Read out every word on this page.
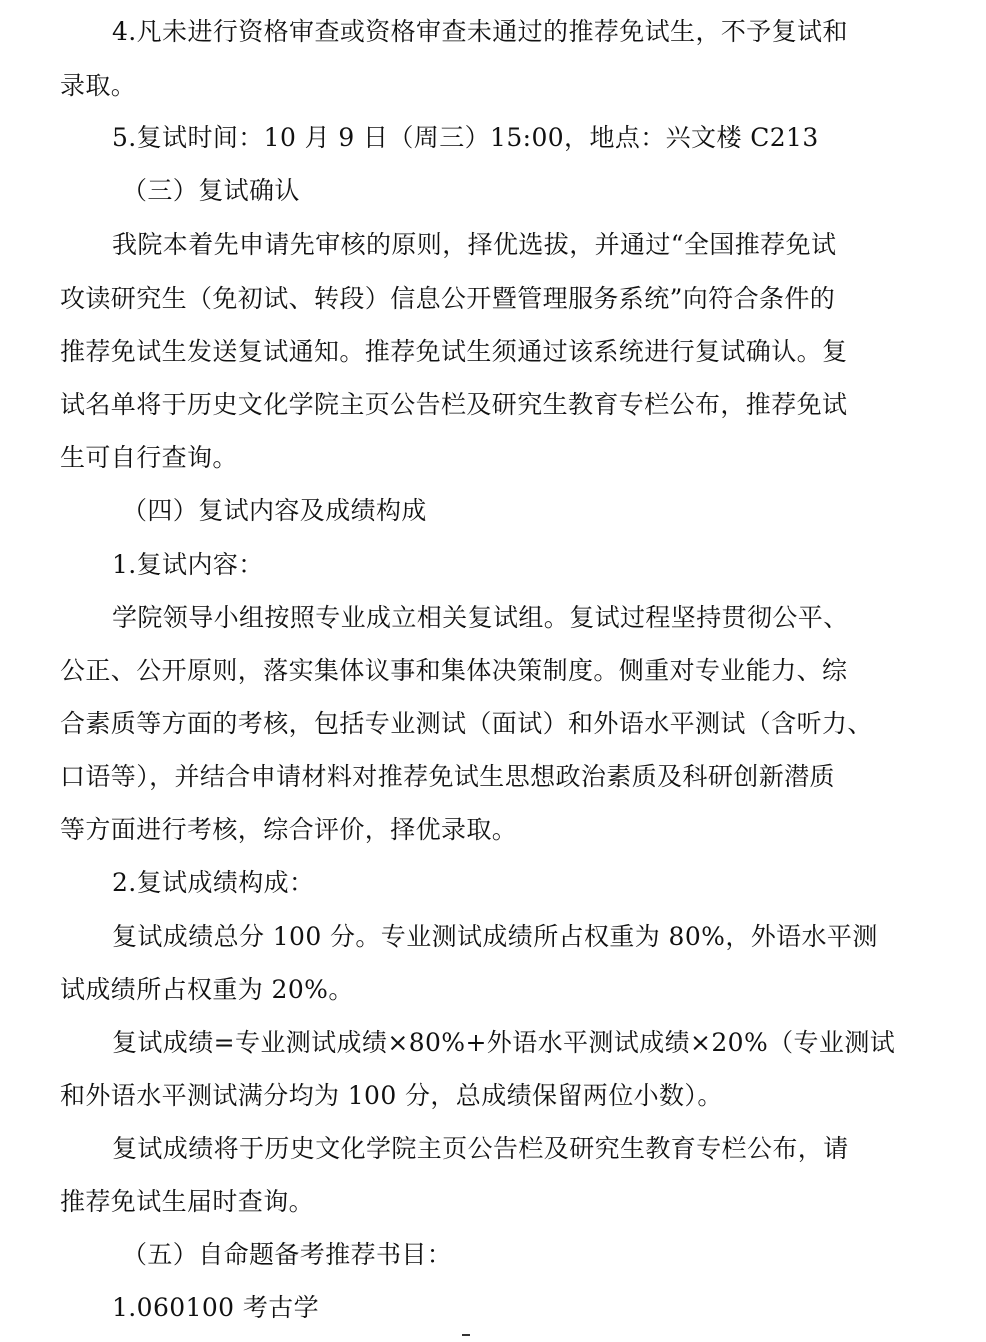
4.凡未进行资格审查或资格审查未通过的推荐免试生，不予复试和
录取。
5.复试时间：10 月 9 日（周三）15:00，地点：兴文楼 C213
（三）复试确认
我院本着先申请先审核的原则，择优选拔，并通过“全国推荐免试
攻读研究生（免初试、转段）信息公开暨管理服务系统”向符合条件的
推荐免试生发送复试通知。推荐免试生须通过该系统进行复试确认。复
试名单将于历史文化学院主页公告栏及研究生教育专栏公布，推荐免试
生可自行查询。
（四）复试内容及成绩构成
1.复试内容：
学院领导小组按照专业成立相关复试组。复试过程坚持贯彻公平、
公正、公开原则，落实集体议事和集体决策制度。侧重对专业能力、综
合素质等方面的考核，包括专业测试（面试）和外语水平测试（含听力、
口语等），并结合申请材料对推荐免试生思想政治素质及科研创新潜质
等方面进行考核，综合评价，择优录取。
2.复试成绩构成：
复试成绩总分 100 分。专业测试成绩所占权重为 80%，外语水平测
试成绩所占权重为 20%。
复试成绩=专业测试成绩×80%+外语水平测试成绩×20%（专业测试
和外语水平测试满分均为 100 分，总成绩保留两位小数）。
复试成绩将于历史文化学院主页公告栏及研究生教育专栏公布，请
推荐免试生届时查询。
（五）自命题备考推荐书目：
1.060100 考古学
